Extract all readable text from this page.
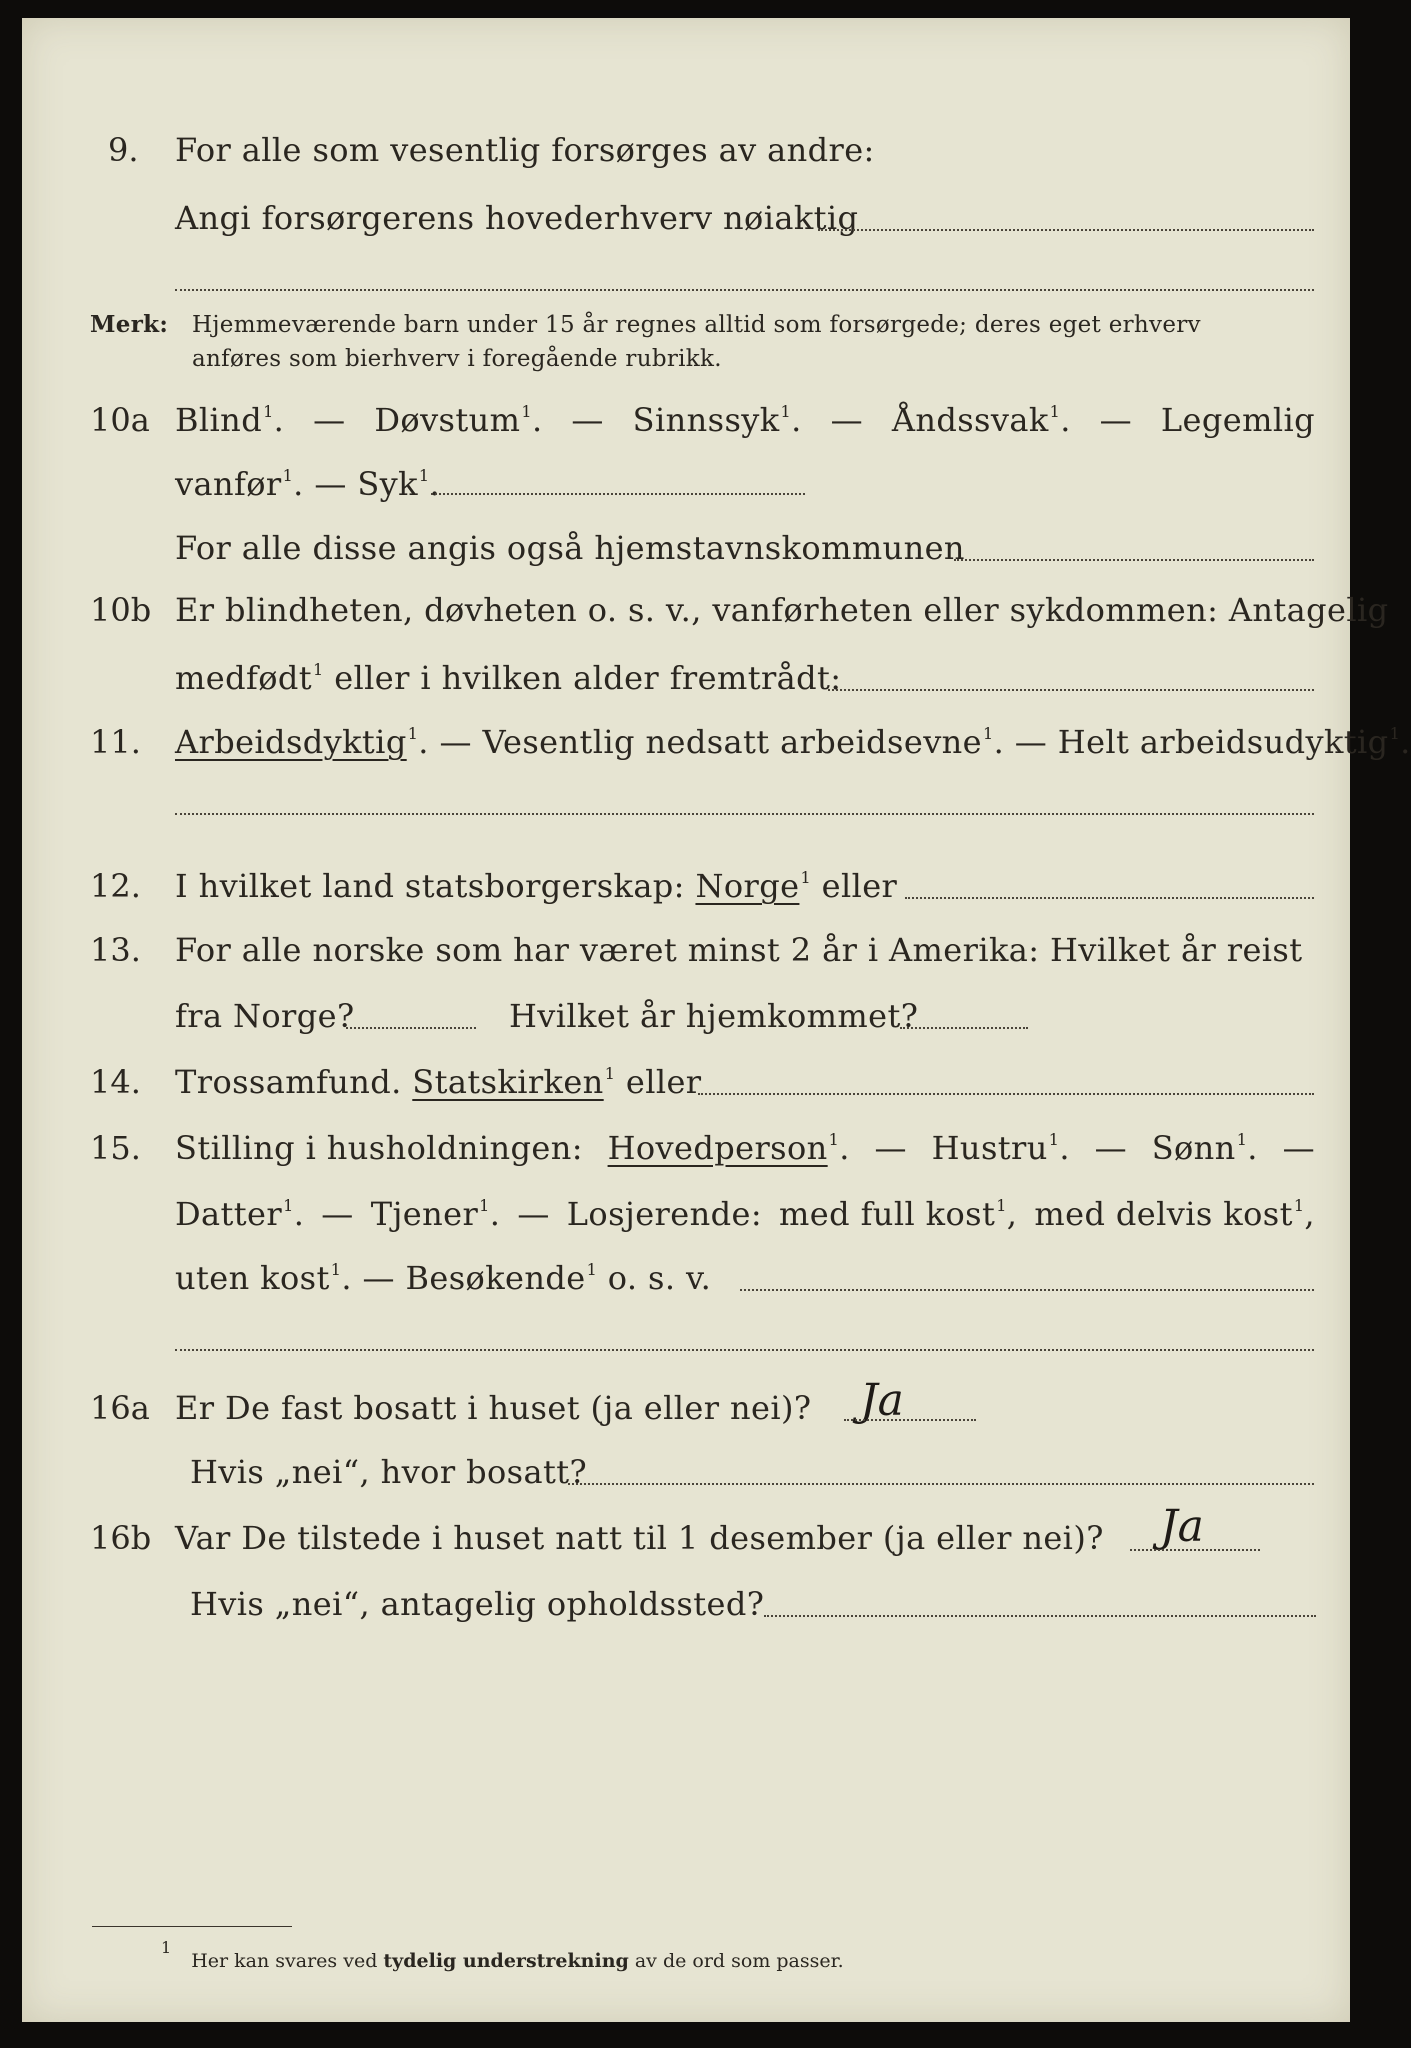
9. For alle som vesentlig forsørges av andre:
Angi forsørgerens hovederhverv nøiaktig
Merk: Hjemmeværende barn under 15 år regnes alltid som forsørgede; deres eget erhverv
anføres som bierhverv i foregående rubrikk.
10a Blind$^1$. — Døvstum$^1$. — Sinnssyk$^1$. — Åndssvak$^1$. — Legemlig
vanfør$^1$. — Syk$^1$.
For alle disse angis også hjemstavnskommunen
10b Er blindheten, døvheten o. s. v., vanførheten eller sykdommen: Antagelig
medfødt$^1$ eller i hvilken alder fremtrådt:
11. Arbeidsdyktig$^1$. — Vesentlig nedsatt arbeidsevne$^1$. — Helt arbeidsudyktig$^1$.
12. I hvilket land statsborgerskap: Norge$^1$ eller
13. For alle norske som har været minst 2 år i Amerika: Hvilket år reist
fra Norge?	Hvilket år hjemkommet?
14. Trossamfund. Statskirken$^1$ eller
15. Stilling i husholdningen: Hovedperson$^1$. — Hustru$^1$. — Sønn$^1$. —
Datter$^1$. — Tjener$^1$. — Losjerende: med full kost$^1$, med delvis kost$^1$,
uten kost$^1$. — Besøkende$^1$ o. s. v.
16a Er De fast bosatt i huset (ja eller nei)? Ja
Hvis „nei“, hvor bosatt?
16b Var De tilstede i huset natt til 1 desember (ja eller nei)? Ja
Hvis „nei“, antagelig opholdssted?
$^1$ Her kan svares ved tydelig understrekning av de ord som passer.
